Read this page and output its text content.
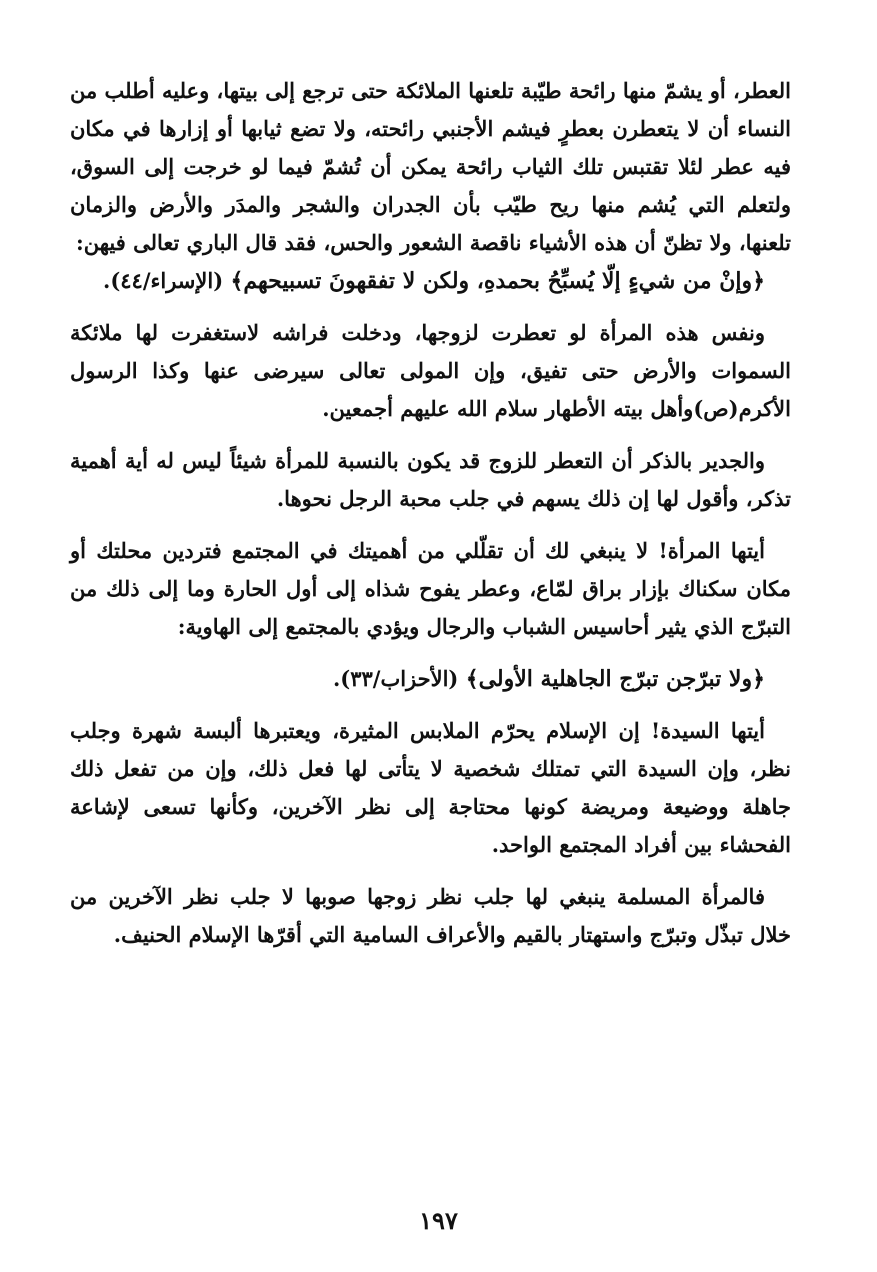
العطر، أو يشمّ منها رائحة طيّبة تلعنها الملائكة حتى ترجع إلى بيتها، وعليه أطلب من النساء أن لا يتعطرن بعطرٍ فيشم الأجنبي رائحته، ولا تضع ثيابها أو إزارها في مكان فيه عطر لئلا تقتبس تلك الثياب رائحة يمكن أن تُشمّ فيما لو خرجت إلى السوق، ولتعلم التي يُشم منها ريح طيّب بأن الجدران والشجر والمدَر والأرض والزمان تلعنها، ولا تظنّ أن هذه الأشياء ناقصة الشعور والحس، فقد قال الباري تعالى فيهن:

﴿وإنْ من شيءٍ إلّا يُسبِّحُ بحمدهِ، ولكن لا تفقهونَ تسبيحهم﴾ (الإسراء/٤٤).

ونفس هذه المرأة لو تعطرت لزوجها، ودخلت فراشه لاستغفرت لها ملائكة السموات والأرض حتى تفيق، وإن المولى تعالى سيرضى عنها وكذا الرسول الأكرم(ص)وأهل بيته الأطهار سلام الله عليهم أجمعين.

والجدير بالذكر أن التعطر للزوج قد يكون بالنسبة للمرأة شيئاً ليس له أية أهمية تذكر، وأقول لها إن ذلك يسهم في جلب محبة الرجل نحوها.

أيتها المرأة! لا ينبغي لك أن تقلّلي من أهميتك في المجتمع فتردين محلتك أو مكان سكناك بإزار براق لمّاع، وعطر يفوح شذاه إلى أول الحارة وما إلى ذلك من التبرّج الذي يثير أحاسيس الشباب والرجال ويؤدي بالمجتمع إلى الهاوية:

﴿ولا تبرّجن تبرّج الجاهلية الأولى﴾ (الأحزاب/٣٣).

أيتها السيدة! إن الإسلام يحرّم الملابس المثيرة، ويعتبرها ألبسة شهرة وجلب نظر، وإن السيدة التي تمتلك شخصية لا يتأتى لها فعل ذلك، وإن من تفعل ذلك جاهلة ووضيعة ومريضة كونها محتاجة إلى نظر الآخرين، وكأنها تسعى لإشاعة الفحشاء بين أفراد المجتمع الواحد.

فالمرأة المسلمة ينبغي لها جلب نظر زوجها صوبها لا جلب نظر الآخرين من خلال تبذّل وتبرّج واستهتار بالقيم والأعراف السامية التي أقرّها الإسلام الحنيف.

١٩٧
